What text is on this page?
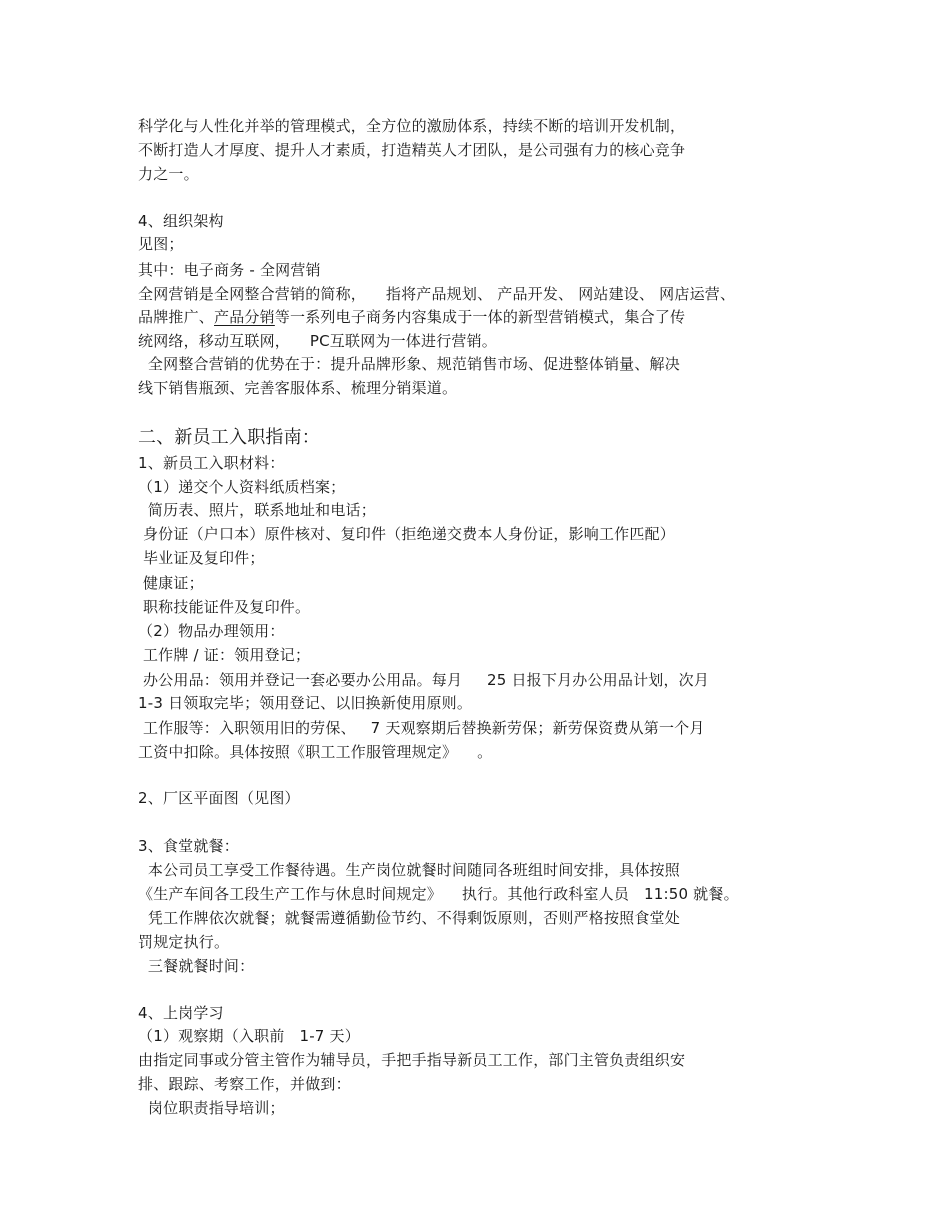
科学化与人性化并举的管理模式，全方位的激励体系，持续不断的培训开发机制，
不断打造人才厚度、提升人才素质，打造精英人才团队，是公司强有力的核心竞争
力之一。
4、组织架构
见图；
其中：电子商务 - 全网营销
全网营销是全网整合营销的简称，    指将产品规划、 产品开发、 网站建设、 网店运营、
品牌推广、产品分销等一系列电子商务内容集成于一体的新型营销模式，集合了传
统网络，移动互联网，    PC互联网为一体进行营销。
全网整合营销的优势在于：提升品牌形象、规范销售市场、促进整体销量、解决
线下销售瓶颈、完善客服体系、梳理分销渠道。
二、新员工入职指南：
1、新员工入职材料：
（1）递交个人资料纸质档案；
简历表、照片，联系地址和电话；
身份证（户口本）原件核对、复印件（拒绝递交费本人身份证，影响工作匹配）
毕业证及复印件；
健康证；
职称技能证件及复印件。
（2）物品办理领用：
工作牌 / 证：领用登记；
办公用品：领用并登记一套必要办公用品。每月     25 日报下月办公用品计划，次月
1-3 日领取完毕；领用登记、以旧换新使用原则。
工作服等：入职领用旧的劳保、   7 天观察期后替换新劳保；新劳保资费从第一个月
工资中扣除。具体按照《职工工作服管理规定》    。
2、厂区平面图（见图）
3、食堂就餐：
本公司员工享受工作餐待遇。生产岗位就餐时间随同各班组时间安排，具体按照
《生产车间各工段生产工作与休息时间规定》    执行。其他行政科室人员   11:50 就餐。
凭工作牌依次就餐；就餐需遵循勤俭节约、不得剩饭原则，否则严格按照食堂处
罚规定执行。
三餐就餐时间：
4、上岗学习
（1）观察期（入职前   1-7 天）
由指定同事或分管主管作为辅导员，手把手指导新员工工作，部门主管负责组织安
排、跟踪、考察工作，并做到：
岗位职责指导培训；
